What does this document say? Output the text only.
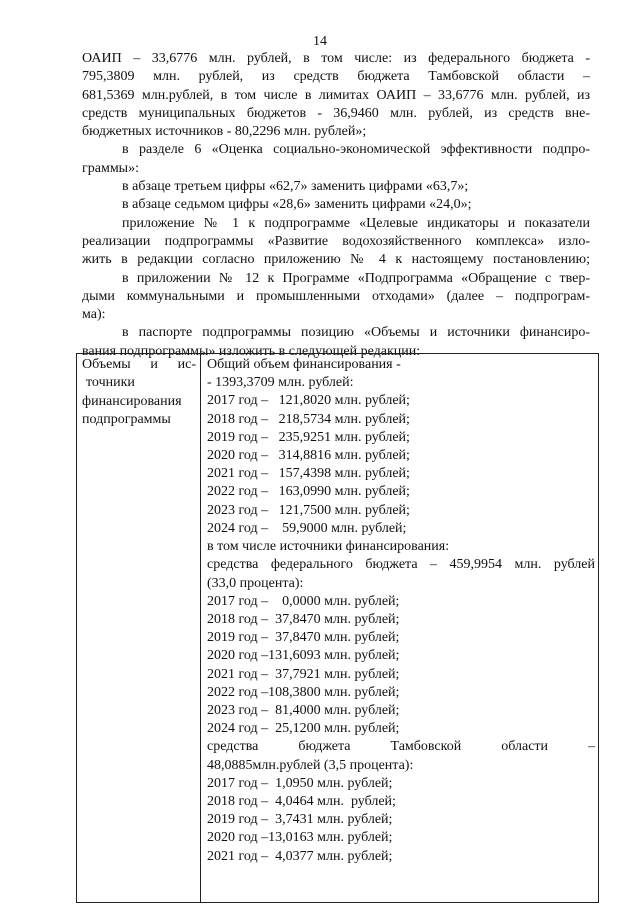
14
ОАИП – 33,6776 млн. рублей, в том числе: из федерального бюджета -
795,3809 млн. рублей, из средств бюджета Тамбовской области –
681,5369 млн.рублей, в том числе в лимитах ОАИП – 33,6776 млн. рублей, из
средств муниципальных бюджетов - 36,9460 млн. рублей, из средств вне-
бюджетных источников - 80,2296 млн. рублей»;
в разделе 6 «Оценка социально-экономической эффективности подпро-
граммы»:
в абзаце третьем цифры «62,7» заменить цифрами «63,7»;
в абзаце седьмом цифры «28,6» заменить цифрами «24,0»;
приложение № 1 к подпрограмме «Целевые индикаторы и показатели
реализации подпрограммы «Развитие водохозяйственного комплекса» изло-
жить в редакции согласно приложению № 4 к настоящему постановлению;
в приложении № 12 к Программе «Подпрограмма «Обращение с твер-
дыми коммунальными и промышленными отходами» (далее – подпрограм-
ма):
в паспорте подпрограммы позицию «Объемы и источники финансиро-
вания подпрограммы» изложить в следующей редакции:
Объемы и ис-
точники
финансирования
подпрограммы
Общий объем финансирования -
- 1393,3709 млн. рублей:
2017 год –   121,8020 млн. рублей;
2018 год –   218,5734 млн. рублей;
2019 год –   235,9251 млн. рублей;
2020 год –   314,8816 млн. рублей;
2021 год –   157,4398 млн. рублей;
2022 год –   163,0990 млн. рублей;
2023 год –   121,7500 млн. рублей;
2024 год –    59,9000 млн. рублей;
в том числе источники финансирования:
средства федерального бюджета – 459,9954 млн. рублей
(33,0 процента):
2017 год –    0,0000 млн. рублей;
2018 год –  37,8470 млн. рублей;
2019 год –  37,8470 млн. рублей;
2020 год –131,6093 млн. рублей;
2021 год –  37,7921 млн. рублей;
2022 год –108,3800 млн. рублей;
2023 год –  81,4000 млн. рублей;
2024 год –  25,1200 млн. рублей;
средства бюджета Тамбовской области –
48,0885млн.рублей (3,5 процента):
2017 год –  1,0950 млн. рублей;
2018 год –  4,0464 млн.  рублей;
2019 год –  3,7431 млн. рублей;
2020 год –13,0163 млн. рублей;
2021 год –  4,0377 млн. рублей;
